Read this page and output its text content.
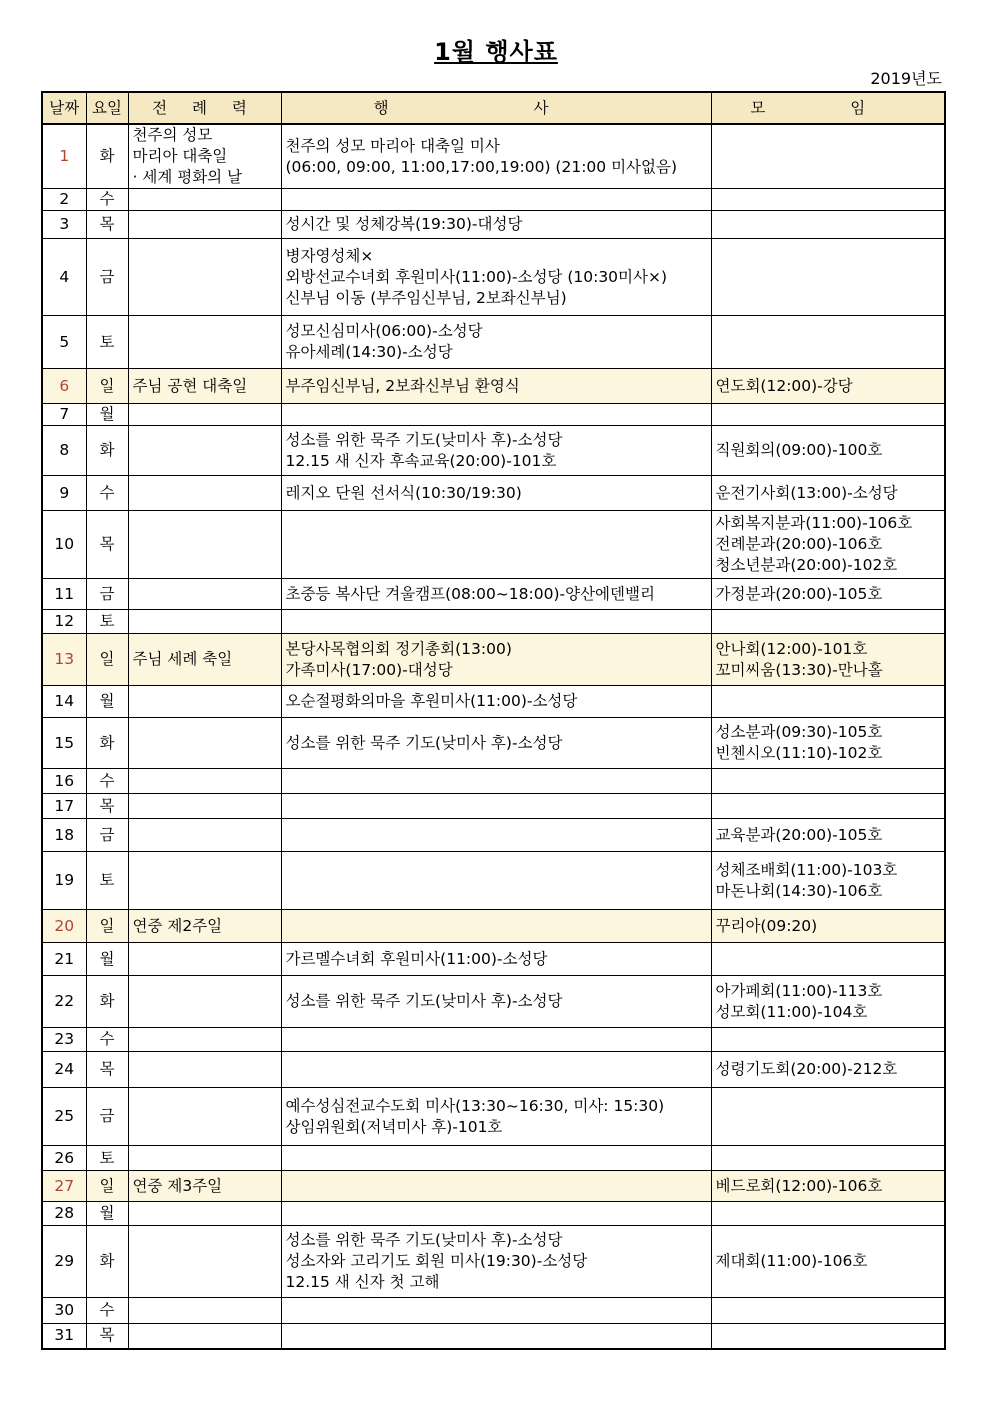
1월 행사표
2019년도
날짜	요일	전 례 력	행 사	모 임
1	화	천주의 성모
마리아 대축일
· 세계 평화의 날	천주의 성모 마리아 대축일 미사
(06:00, 09:00, 11:00,17:00,19:00) (21:00 미사없음)	

2	수			
3	목		성시간 및 성체강복(19:30)-대성당	

4	금		병자영성체×
외방선교수녀회 후원미사(11:00)-소성당 (10:30미사×)
신부님 이동 (부주임신부님, 2보좌신부님)	

5	토		성모신심미사(06:00)-소성당
유아세례(14:30)-소성당	

6	일	주님 공현 대축일	부주임신부님, 2보좌신부님 환영식	연도회(12:00)-강당

7	월			
8	화		성소를 위한 묵주 기도(낮미사 후)-소성당
12.15 새 신자 후속교육(20:00)-101호	직원회의(09:00)-100호

9	수		레지오 단원 선서식(10:30/19:30)	운전기사회(13:00)-소성당

10	목			사회복지분과(11:00)-106호
전례분과(20:00)-106호
청소년분과(20:00)-102호

11	금		초중등 복사단 겨울캠프(08:00~18:00)-양산에덴밸리	가정분과(20:00)-105호

12	토			
13	일	주님 세례 축일	본당사목협의회 정기총회(13:00)
가족미사(17:00)-대성당	안나회(12:00)-101호
꼬미씨움(13:30)-만나홀

14	월		오순절평화의마을 후원미사(11:00)-소성당	

15	화		성소를 위한 묵주 기도(낮미사 후)-소성당	성소분과(09:30)-105호
빈첸시오(11:10)-102호

16	수			
17	목			
18	금			교육분과(20:00)-105호

19	토			성체조배회(11:00)-103호
마돈나회(14:30)-106호

20	일	연중 제2주일		꾸리아(09:20)

21	월		가르멜수녀회 후원미사(11:00)-소성당	

22	화		성소를 위한 묵주 기도(낮미사 후)-소성당	아가페회(11:00)-113호
성모회(11:00)-104호

23	수			
24	목			성령기도회(20:00)-212호

25	금		예수성심전교수도회 미사(13:30~16:30, 미사: 15:30)
상임위원회(저녁미사 후)-101호	

26	토			
27	일	연중 제3주일		베드로회(12:00)-106호

28	월			
29	화		성소를 위한 묵주 기도(낮미사 후)-소성당
성소자와 고리기도 회원 미사(19:30)-소성당
12.15 새 신자 첫 고해	제대회(11:00)-106호

30	수			
31	목			
